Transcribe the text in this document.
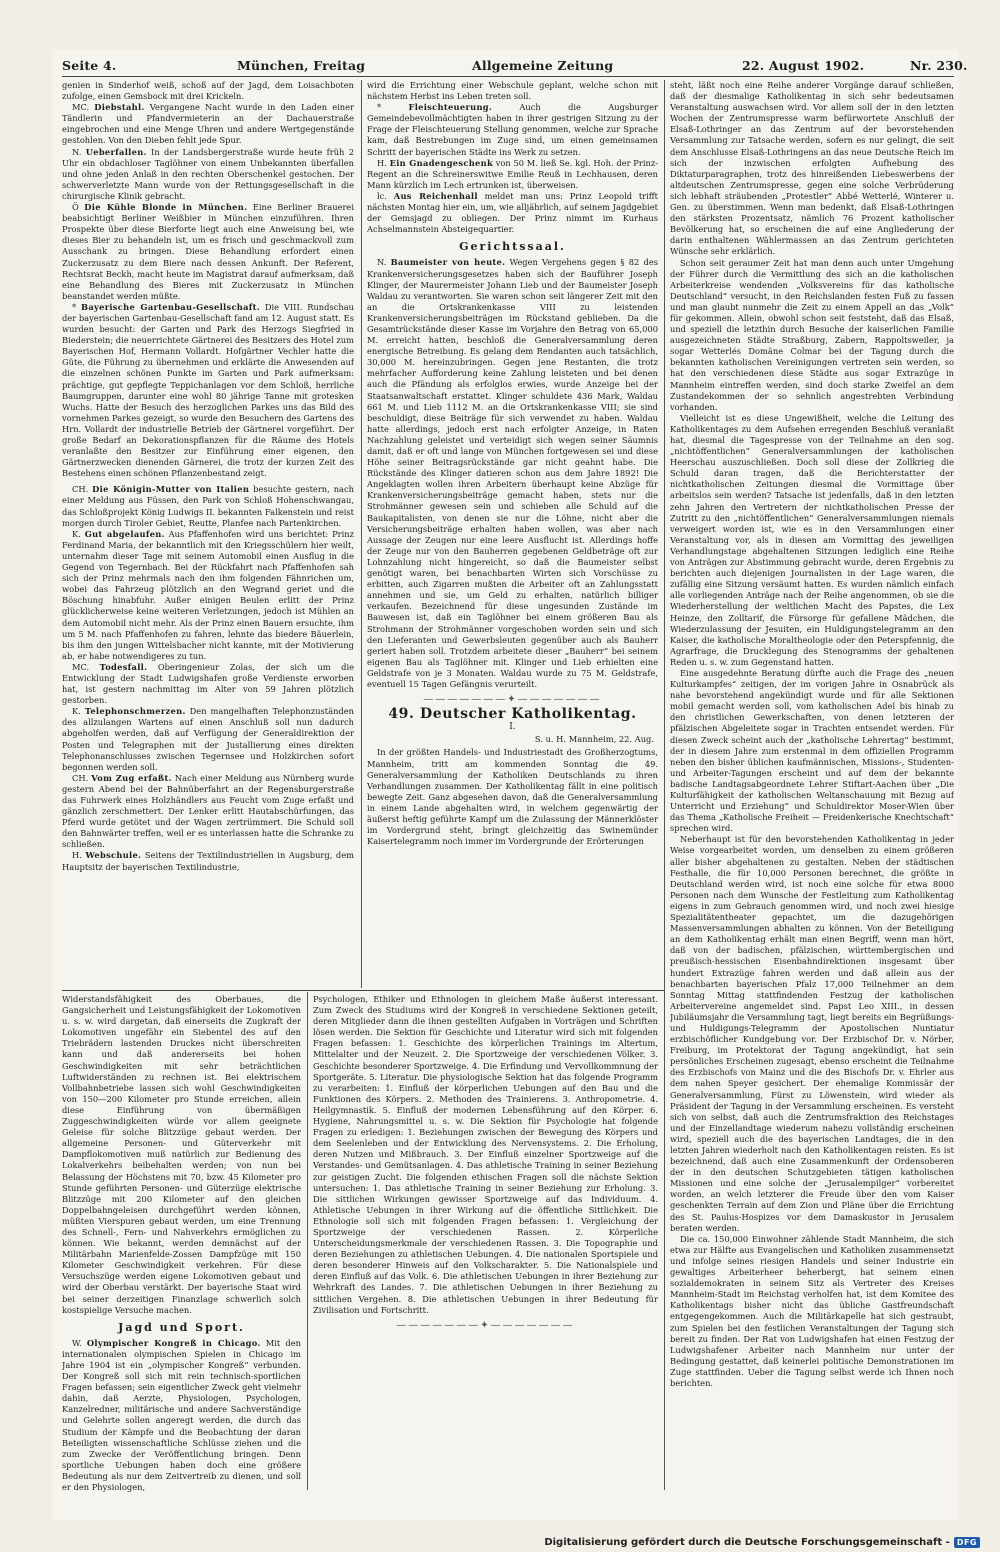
Seite 4.	München, Freitag	Allgemeine Zeitung	22. August 1902.	Nr. 230.

genien in Sinderhof weiß, schoß auf der Jagd, dem Loisachboten zufolge, einen Gemsbock mit drei Krickeln.

MC. Diebstahl. Vergangene Nacht wurde in den Laden einer Tändlerin und Pfandvermieterin an der Dachauerstraße eingebrochen und eine Menge Uhren und andere Wertgegenstände gestohlen. Von den Dieben fehlt jede Spur.

N. Ueberfallen. In der Landsbergerstraße wurde heute früh 2 Uhr ein obdachloser Taglöhner von einem Unbekannten überfallen und ohne jeden Anlaß in den rechten Oberschenkel gestochen. Der schwerverletzte Mann wurde von der Rettungsgesellschaft in die chirurgische Klinik gebracht.

Ö Die Kühle Blonde in München. Eine Berliner Brauerei beabsichtigt Berliner Weißbier in München einzuführen. Ihren Prospekte über diese Bierforte liegt auch eine Anweisung bei, wie dieses Bier zu behandeln ist, um es frisch und geschmackvoll zum Ausschank zu bringen. Diese Behandlung erfordert einen Zuckerzusatz zu dem Biere nach dessen Ankunft. Der Referent, Rechtsrat Beckh, macht heute im Magistrat darauf aufmerksam, daß eine Behandlung des Bieres mit Zuckerzusatz in München beanstandet werden müßte.

* Bayerische Gartenbau-Gesellschaft. Die VIII. Rundschau der bayerischen Gartenbau-Gesellschaft fand am 12. August statt. Es wurden besucht: der Garten und Park des Herzogs Siegfried in Biederstein; die neuerrichtete Gärtnerei des Besitzers des Hotel zum Bayerischen Hof, Hermann Vollardt. Hofgärtner Vechler hatte die Güte, die Führung zu übernehmen und erklärte die Anwesenden auf die einzelnen schönen Punkte im Garten und Park aufmerksam: prächtige, gut gepflegte Teppichanlagen vor dem Schloß, herrliche Baumgruppen, darunter eine wohl 80 jährige Tanne mit grotesken Wuchs. Hatte der Besuch des herzoglichen Parkes uns das Bild des vornehmen Parkes gezeigt, so wurde den Besuchern des Gartens des Hrn. Vollardt der industrielle Betrieb der Gärtnerei vorgeführt. Der große Bedarf an Dekorationspflanzen für die Räume des Hotels veranlaßte den Besitzer zur Einführung einer eigenen, den Gärtnerzwecken dienenden Gärnerei, die trotz der kurzen Zeit des Bestehens einen schönen Pflanzenbestand zeigt.

CH. Die Königin-Mutter von Italien besuchte gestern, nach einer Meldung aus Füssen, den Park von Schloß Hohenschwangau, das Schloßprojekt König Ludwigs II. bekannten Falkenstein und reist morgen durch Tiroler Gebiet, Reutte, Planfee nach Partenkirchen.

K. Gut abgelaufen. Aus Pfaffenhofen wird uns berichtet: Prinz Ferdinand Maria, der bekanntlich mit den Kriegsschülern hier weilt, unternahm dieser Tage mit seinem Automobil einen Ausflug in die Gegend von Tegernbach. Bei der Rückfahrt nach Pfaffenhofen sah sich der Prinz mehrmals nach den ihm folgenden Fähnrichen um, wobei das Fahrzeug plötzlich an den Wegrand geriet und die Böschung hinabfuhr. Außer einigen Beulen erlitt der Prinz glücklicherweise keine weiteren Verletzungen, jedoch ist Mühlen an dem Automobil nicht mehr. Als der Prinz einen Bauern ersuchte, ihm um 5 M. nach Pfaffenhofen zu fahren, lehnte das biedere Bäuerlein, bis ihm den jungen Wittelsbacher nicht kannte, mit der Motivierung ab, er habe notwendigeres zu tun.

MC. Todesfall. Oberingenieur Zolas, der sich um die Entwicklung der Stadt Ludwigshafen große Verdienste erworben hat, ist gestern nachmittag im Alter von 59 Jahren plötzlich gestorben.

K. Telephonschmerzen. Den mangelhaften Telephonzuständen des allzulangen Wartens auf einen Anschluß soll nun dadurch abgeholfen werden, daß auf Verfügung der Generaldirektion der Posten und Telegraphen mit der Justallierung eines direkten Telephonanschlusses zwischen Tegernsee und Holzkirchen sofort begonnen werden soll.

CH. Vom Zug erfaßt. Nach einer Meldung aus Nürnberg wurde gestern Abend bei der Bahnüberfahrt an der Regensburgerstraße das Fuhrwerk eines Holzhändlers aus Feucht vom Zuge erfaßt und gänzlich zerschmettert. Der Lenker erlitt Hautabschürfungen, das Pferd wurde getötet und der Wagen zertrümmert. Die Schuld soll den Bahnwärter treffen, weil er es unterlassen hatte die Schranke zu schließen.

H. Webschule. Seitens der Textilindustriellen in Augsburg, dem Hauptsitz der bayerischen Textilindustrie,

wird die Errichtung einer Webschule geplant, welche schon mit nächstem Herbst ins Leben treten soll.

*	Fleischteuerung.	Auch die Augsburger Gemeindebevollmächtigten haben in ihrer gestrigen Sitzung zu der Frage der Fleischteuerung Stellung genommen, welche zur Sprache kam, daß Bestrebungen im Zuge sind, um einen gemeinsamen Schritt der bayerischen Städte ins Werk zu setzen.

H. Ein Gnadengeschenk von 50 M. ließ Se. kgl. Hoh. der Prinz-Regent an die Schreinerswitwe Emilie Reuß in Lechhausen, deren Mann kürzlich im Lech ertrunken ist, überweisen.

lc. Aus Reichenhall meldet man uns: Prinz Leopold trifft nächsten Montag hier ein, um, wie alljährlich, auf seinem Jagdgebiet der Gemsjagd zu obliegen. Der Prinz nimmt im Kurhaus Achselmannstein Absteigequartier.

Gerichtssaal.

N. Baumeister von heute. Wegen Vergehens gegen § 82 des Krankenversicherungsgesetzes haben sich der Bauführer Joseph Klinger, der Maurermeister Johann Lieb und der Baumeister Joseph Waldau zu verantworten. Sie waren schon seit längerer Zeit mit den an die Ortskrankenkasse VIII zu leistenden Krankenversicherungsbeiträgen im Rückstand geblieben. Da die Gesamtrückstände dieser Kasse im Vorjahre den Betrag von 65,000 M. erreicht hatten, beschloß die Generalversammlung deren energische Betreibung. Es gelang dem Rendanten auch tatsächlich, 30,000 M. hereinzubringen. Gegen jene Restanten, die trotz mehrfacher Aufforderung keine Zahlung leisteten und bei denen auch die Pfändung als erfolglos erwies, wurde Anzeige bei der Staatsanwaltschaft erstattet. Klinger schuldete 436 Mark, Waldau 661 M. und Lieb 1112 M. an die Ortskrankenkasse VIII; sie sind beschuldigt, diese Beiträge für sich verwendet zu haben. Waldau hatte allerdings, jedoch erst nach erfolgter Anzeige, in Raten Nachzahlung geleistet und verteidigt sich wegen seiner Säumnis damit, daß er oft und lange von München fortgewesen sei und diese Höhe seiner Beitragsrückstände gar nicht geahnt habe. Die Rückstände des Klinger datieren schon aus dem Jahre 1892! Die Angeklagten wollen ihren Arbeitern überhaupt keine Abzüge für Krankenversicherungsbeiträge gemacht haben, stets nur die Strohmänner gewesen sein und schieben alle Schuld auf die Baukapitalisten, von denen sie nur die Löhne, nicht aber die Versicherungsbeiträge erhalten haben wollen, was aber nach Aussage der Zeugen nur eine leere Ausflucht ist. Allerdings hoffe der Zeuge nur von den Bauherren gegebenen Geldbeträge oft zur Lohnzahlung nicht hingereicht, so daß die Baumeister selbst genötigt waren, bei benachbarten Wirten sich Vorschüsse zu erbitten, auch Zigarren mußten die Arbeiter oft an Zahlungsstatt annehmen und sie, um Geld zu erhalten, natürlich billiger verkaufen. Bezeichnend für diese ungesunden Zustände im Bauwesen ist, daß ein Taglöhner bei einem größeren Bau als Strohmann der Strohmänner vorgeschoben worden sein und sich den Lieferanten und Gewerbsleuten gegenüber auch als Bauherr geriert haben soll. Trotzdem arbeitete dieser „Bauherr“ bei seinem eigenen Bau als Taglöhner mit. Klinger und Lieb erhielten eine Geldstrafe von je 3 Monaten. Waldau wurde zu 75 M. Geldstrafe, eventuell 15 Tagen Gefängnis verurteilt.

———————✦———————
49. Deutscher Katholikentag.
I.
S. u. H. Mannheim, 22. Aug.

In der größten Handels- und Industriestadt des Großherzogtums, Mannheim, tritt am kommenden Sonntag die 49. Generalversammlung der Katholiken Deutschlands zu ihren Verhandlungen zusammen. Der Katholikentag fällt in eine politisch bewegte Zeit. Ganz abgesehen davon, daß die Generalversammlung in einem Lande abgehalten wird, in welchem gegenwärtig der äußerst heftig geführte Kampf um die Zulassung der Männerklöster im Vordergrund steht, bringt gleichzeitig das Swinemünder Kaisertelegramm noch immer im Vordergrunde der Erörterungen

steht, läßt noch eine Reihe anderer Vorgänge darauf schließen, daß der diesmalige Katholikentag in sich sehr bedeutsamen Veranstaltung auswachsen wird. Vor allem soll der in den letzten Wochen der Zentrumspresse warm befürwortete Anschluß der Elsaß-Lothringer an das Zentrum auf der bevorstehenden Versammlung zur Tatsache werden, sofern es nur gelingt, die seit dem Anschlusse Elsaß-Lothringens an das neue Deutsche Reich im sich der inzwischen erfolgten Aufhebung des Diktaturparagraphen, trotz des hinreißenden Liebeswerbens der altdeutschen Zentrumspresse, gegen eine solche Verbrüderung sich lebhaft sträubenden „Protestler“ Abbé Wetterlé, Winterer u. Gen. zu überstimmen. Wenn man bedenkt, daß Elsaß-Lothringen den stärksten Prozentsatz, nämlich 76 Prozent katholischer Bevölkerung hat, so erscheinen die auf eine Angliederung der darin enthaltenen Wählermassen an das Zentrum gerichteten Wünsche sehr erklärlich.

Schon seit geraumer Zeit hat man denn auch unter Umgehung der Führer durch die Vermittlung des sich an die katholischen Arbeiterkreise wendenden „Volksvereins für das katholische Deutschland“ versucht, in den Reichslanden festen Fuß zu fassen und man glaubt nunmehr die Zeit zu einem Appell an das „Volk“ für gekommen. Allein, obwohl schon seit feststeht, daß das Elsaß, und speziell die letzthin durch Besuche der kaiserlichen Familie ausgezeichneten Städte Straßburg, Zabern, Rappoltsweiler, ja sogar Wetterlés Domäne Colmar bei der Tagung durch die bekannten katholischen Vereinigungen vertreten sein werden, so hat den verschiedenen diese Städte aus sogar Extrazüge in Mannheim eintreffen werden, sind doch starke Zweifel an dem Zustandekommen der so sehnlich angestrebten Verbindung vorhanden.

Vielleicht ist es diese Ungewißheit, welche die Leitung des Katholikentages zu dem Aufsehen erregenden Beschluß veranlaßt hat, diesmal die Tagespresse von der Teilnahme an den sog. „nichtöffentlichen“ Generalversammlungen der katholischen Heerschau auszuschließen. Doch soll diese der Zollkrieg die Schuld daran tragen, daß die Berichterstatter der nichtkatholischen Zeitungen diesmal die Vormittage über arbeitslos sein werden? Tatsache ist jedenfalls, daß in den letzten zehn Jahren den Vertretern der nichtkatholischen Presse der Zutritt zu den „nichtöffentlichen“ Generalversammlungen niemals verweigert worden ist, wie es in den Versammlungen einer Veranstaltung vor, als in diesen am Vormittag des jeweiligen Verhandlungstage abgehaltenen Sitzungen lediglich eine Reihe von Anträgen zur Abstimmung gebracht wurde, deren Ergebnis zu berichten auch diejenigen Journalisten in der Lage waren, die zufällig eine Sitzung versäumt hatten. Es wurden nämlich einfach alle vorliegenden Anträge nach der Reihe angenommen, ob sie die Wiederherstellung der weltlichen Macht des Papstes, die Lex Heinze, den Zolltarif, die Fürsorge für gefallene Mädchen, die Wiederzulassung der Jesuiten, ein Huldigungstelegramm an den Kaiser, die katholische Moraltheologie oder den Peterspfennig, die Agrarfrage, die Drucklegung des Stenogramms der gehaltenen Reden u. s. w. zum Gegenstand hatten.

Eine ausgedehnte Beratung dürfte auch die Frage des „neuen Kulturkampfes“ zeitigen, der im vorigen Jahre in Osnabrück als nahe bevorstehend angekündigt wurde und für alle Sektionen mobil gemacht werden soll, vom katholischen Adel bis hinab zu den christlichen Gewerkschaften, von denen letzteren der pfälzischen Abgeleitete sogar in Trachten entsendet werden. Für diesen Zweck scheint auch der „katholische Lehrertag“ bestimmt, der in diesem Jahre zum erstenmal in dem offiziellen Programm neben den bisher üblichen kaufmännischen, Missions-, Studenten- und Arbeiter-Tagungen erscheint und auf dem der bekannte badische Landtagsabgeordnete Lehrer Stiftart-Aachen über „Die Kulturfähigkeit der katholischen Weltanschauung mit Bezug auf Unterricht und Erziehung“ und Schuldirektor Moser-Wien über das Thema „Katholische Freiheit — Freidenkerische Knechtschaft“ sprechen wird.

Neberhaupt ist für den bevorstehenden Katholikentag in jeder Weise vorgearbeitet worden, um denselben zu einem größeren aller bisher abgehaltenen zu gestalten. Neben der städtischen Festhalle, die für 10,000 Personen berechnet, die größte in Deutschland werden wird, ist noch eine solche für etwa 8000 Personen nach dem Wunsche der Festleitung zum Katholikentag eigens in zum Gebrauch genommen wird, und noch zwei hiesige Spezialitätentheater gepachtet, um die dazugehörigen Massenversammlungen abhalten zu können. Von der Beteiligung an dem Katholikentag erhält man einen Begriff, wenn man hört, daß von der badischen, pfälzischen, württembergischen und preußisch-hessischen Eisenbahndirektionen insgesamt über hundert Extrazüge fahren werden und daß allein aus der benachbarten bayerischen Pfalz 17,000 Teilnehmer an dem Sonntag Mittag stattfindenden Festzug der katholischen Arbeitervereine angemeldet sind. Papst Leo XIII., in dessen Jubiläumsjahr die Versammlung tagt, liegt bereits ein Begrüßungs- und Huldigungs-Telegramm der Apostolischen Nuntiatur erzbischöflicher Kundgebung vor. Der Erzbischof Dr. v. Nörber, Freiburg, im Protektorat der Tagung angekündigt, hat sein persönliches Erscheinen zugesagt, ebenso erscheint die Teilnahme des Erzbischofs von Mainz und die des Bischofs Dr. v. Ehrler aus dem nahen Speyer gesichert. Der ehemalige Kommissär der Generalversammlung, Fürst zu Löwenstein, wird wieder als Präsident der Tagung in der Versammlung erscheinen. Es versteht sich von selbst, daß auch die Zentrumsfraktion des Reichstages und der Einzellandtage wiederum nahezu vollständig erscheinen wird, speziell auch die des bayerischen Landtages, die in den letzten Jahren wiederholt nach den Katholikentagen reisten. Es ist bezeichnend, daß auch eine Zusammenkunft der Ordensoberen der in den deutschen Schutzgebieten tätigen katholischen Missionen und eine solche der „Jerusalempilger“ vorbereitet worden, an welch letzterer die Freude über den vom Kaiser geschenkten Terrain auf dem Zion und Pläne über die Errichtung des St. Paulus-Hospizes vor dem Damaskustor in Jerusalem beraten werden.

Die ca. 150,000 Einwohner zählende Stadt Mannheim, die sich etwa zur Hälfte aus Evangelischen und Katholiken zusammensetzt und infolge seines riesigen Handels und seiner Industrie ein gewaltiges Arbeiterheer beherbergt, hat seinem einen sozialdemokraten in seinem Sitz als Vertreter des Kreises Mannheim-Stadt im Reichstag verholfen hat, ist dem Komitee des Katholikentags bisher nicht das übliche Gastfreundschaft entgegengekommen. Auch die Militärkapelle hat sich gestraubt, zum Spielen bei den festlichen Veranstaltungen der Tagung sich bereit zu finden. Der Rat von Ludwigshafen hat einen Festzug der Ludwigshafener Arbeiter nach Mannheim nur unter der Bedingung gestattet, daß keinerlei politische Demonstrationen im Zuge stattfinden. Ueber die Tagung selbst werde ich Ihnen noch berichten.

Widerstandsfähigkeit des Oberbaues, die Gangsicherheit und Leistungsfähigkeit der Lokomotiven u. s. w. wird dargetan, daß einerseits die Zugkraft der Lokomotiven ungefähr ein Siebentel des auf den Triebrädern lastenden Druckes nicht überschreiten kann und daß andererseits bei hohen Geschwindigkeiten mit sehr beträchtlichen Luftwiderständen zu rechnen ist. Bei elektrischem Vollbahnbetriebe lassen sich wohl Geschwindigkeiten von 150—200 Kilometer pro Stunde erreichen, allein diese Einführung von übermäßigen Zuggeschwindigkeiten würde vor allem geeignete Geleise für solche Blitzzüge gebaut werden. Der allgemeine Personen- und Güterverkehr mit Dampflokomotiven muß natürlich zur Bedienung des Lokalverkehrs beibehalten werden; von nun bei Belassung der Höchstens mit 70, bzw. 45 Kilometer pro Stunde geführten Personen- und Güterzüge elektrische Blitzzüge mit 200 Kilometer auf den gleichen Doppelbahngeleisen durchgeführt werden können, müßten Vierspuren gebaut werden, um eine Trennung des Schnell-, Fern- und Nahverkehrs ermöglichen zu können. Wie bekannt, werden demnächst auf der Militärbahn Marienfelde-Zossen Dampfzüge mit 150 Kilometer Geschwindigkeit verkehren. Für diese Versuchszüge werden eigene Lokomotiven gebaut und wird der Oberbau verstärkt. Der bayerische Staat wird bei seiner derzeitigen Finanzlage schwerlich solch kostspielige Versuche machen.

Jagd und Sport.

W. Olympischer Kongreß in Chicago. Mit den internationalen olympischen Spielen in Chicago im Jahre 1904 ist ein „olympischer Kongreß“ verbunden. Der Kongreß soll sich mit rein technisch-sportlichen Fragen befassen; sein eigentlicher Zweck geht vielmehr dahin, daß Aerzte, Physiologen, Psychologen, Kanzelredner, militärische und andere Sachverständige und Gelehrte sollen angeregt werden, die durch das Studium der Kämpfe und die Beobachtung der daran Beteiligten wissenschaftliche Schlüsse ziehen und die zum Zwecke der Veröffentlichung bringen. Denn sportliche Uebungen haben doch eine größere Bedeutung als nur dem Zeitvertreib zu dienen, und soll er den Physiologen,

Psychologen, Ethiker und Ethnologen in gleichem Maße äußerst interessant. Zum Zweck des Studiums wird der Kongreß in verschiedene Sektionen geteilt, deren Mitglieder dann die ihnen gestellten Aufgaben in Vorträgen und Schriften lösen werden. Die Sektion für Geschichte und Literatur wird sich mit folgenden Fragen befassen: 1. Geschichte des körperlichen Trainings im Altertum, Mittelalter und der Neuzeit. 2. Die Sportzweige der verschiedenen Völker. 3. Geschichte besonderer Sportzweige. 4. Die Erfindung und Vervollkommnung der Sportgeräte. 5. Literatur. Die physiologische Sektion hat das folgende Programm zu verarbeiten: 1. Einfluß der körperlichen Uebungen auf den Bau und die Funktionen des Körpers. 2. Methoden des Trainierens. 3. Anthropometrie. 4. Heilgymnastik. 5. Einfluß der modernen Lebensführung auf den Körper. 6. Hygiene, Nahrungsmittel u. s. w. Die Sektion für Psychologie hat folgende Fragen zu erledigen: 1. Beziehungen zwischen der Bewegung des Körpers und dem Seelenleben und der Entwicklung des Nervensystems. 2. Die Erholung, deren Nutzen und Mißbrauch. 3. Der Einfluß einzelner Sportzweige auf die Verstandes- und Gemütsanlagen. 4. Das athletische Training in seiner Beziehung zur geistigen Zucht. Die folgenden ethischen Fragen soll die nächste Sektion untersuchen: 1. Das athletische Training in seiner Beziehung zur Erholung. 3. Die sittlichen Wirkungen gewisser Sportzweige auf das Individuum. 4. Athletische Uebungen in ihrer Wirkung auf die öffentliche Sittlichkeit. Die Ethnologie soll sich mit folgenden Fragen befassen: 1. Vergleichung der Sportzweige der verschiedenen Rassen. 2. Körperliche Unterscheidungsmerkmale der verschiedenen Rassen. 3. Die Topographie und deren Beziehungen zu athletischen Uebungen. 4. Die nationalen Sportspiele und deren besonderer Hinweis auf den Volkscharakter. 5. Die Nationalspiele und deren Einfluß auf das Volk. 6. Die athletischen Uebungen in ihrer Beziehung zur Wehrkraft des Landes. 7. Die athletischen Uebungen in ihrer Beziehung zu sittlichen Vergehen. 8. Die athletischen Uebungen in ihrer Bedeutung für Zivilisation und Fortschritt.

———————✦———————
Digitalisierung gefördert durch die Deutsche Forschungsgemeinschaft - DFG
